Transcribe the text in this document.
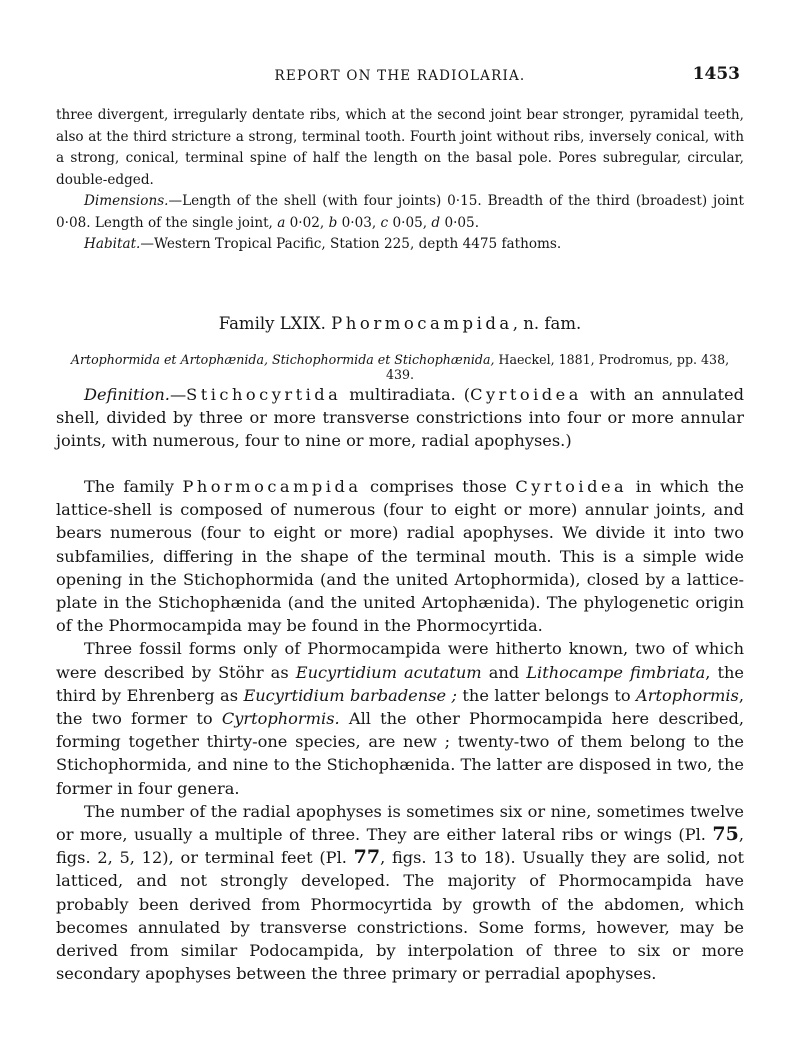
REPORT ON THE RADIOLARIA.	1453

three divergent, irregularly dentate ribs, which at the second joint bear stronger, pyramidal teeth, also at the third stricture a strong, terminal tooth. Fourth joint without ribs, inversely conical, with a strong, conical, terminal spine of half the length on the basal pole. Pores subregular, circular, double-edged.

Dimensions.—Length of the shell (with four joints) 0·15. Breadth of the third (broadest) joint 0·08. Length of the single joint, a 0·02, b 0·03, c 0·05, d 0·05.

Habitat.—Western Tropical Pacific, Station 225, depth 4475 fathoms.

Family LXIX. Phormocampida, n. fam.
Artophormida et Artophænida, Stichophormida et Stichophænida, Haeckel, 1881, Prodromus, pp. 438, 439.

Definition.—Stichocyrtida multiradiata. (Cyrtoidea with an annulated shell, divided by three or more transverse constrictions into four or more annular joints, with numerous, four to nine or more, radial apophyses.)

The family Phormocampida comprises those Cyrtoidea in which the lattice-shell is composed of numerous (four to eight or more) annular joints, and bears numerous (four to eight or more) radial apophyses. We divide it into two subfamilies, differing in the shape of the terminal mouth. This is a simple wide opening in the Stichophormida (and the united Artophormida), closed by a lattice-plate in the Stichophænida (and the united Artophænida). The phylogenetic origin of the Phormocampida may be found in the Phormocyrtida.

Three fossil forms only of Phormocampida were hitherto known, two of which were described by Stöhr as Eucyrtidium acutatum and Lithocampe fimbriata, the third by Ehrenberg as Eucyrtidium barbadense ; the latter belongs to Artophormis, the two former to Cyrtophormis. All the other Phormocampida here described, forming together thirty-one species, are new ; twenty-two of them belong to the Stichophormida, and nine to the Stichophænida. The latter are disposed in two, the former in four genera.

The number of the radial apophyses is sometimes six or nine, sometimes twelve or more, usually a multiple of three. They are either lateral ribs or wings (Pl. 75, figs. 2, 5, 12), or terminal feet (Pl. 77, figs. 13 to 18). Usually they are solid, not latticed, and not strongly developed. The majority of Phormocampida have probably been derived from Phormocyrtida by growth of the abdomen, which becomes annulated by transverse constrictions. Some forms, however, may be derived from similar Podocampida, by interpolation of three to six or more secondary apophyses between the three primary or perradial apophyses.
